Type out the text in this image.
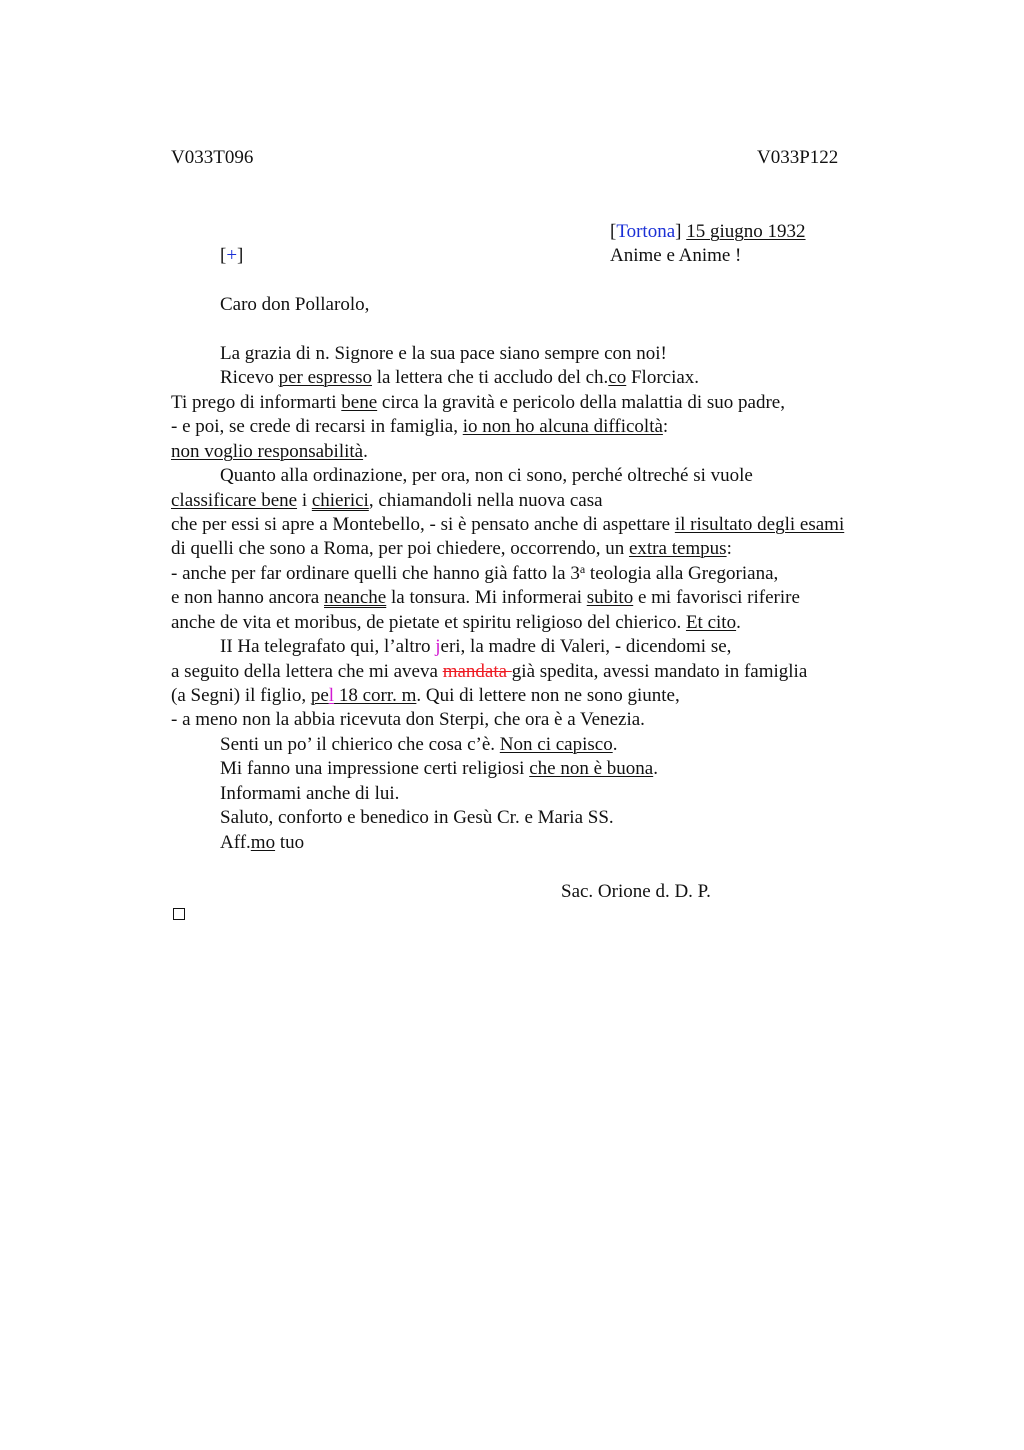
V033T096	V033P122
[Tortona] 15 giugno 1932
[+]	Anime e Anime !
Caro don Pollarolo,
La grazia di n. Signore e la sua pace siano sempre con noi!
Ricevo per espresso la lettera che ti accludo del ch.co Florciax.
Ti prego di informarti bene circa la gravità e pericolo della malattia di suo padre,
- e poi, se crede di recarsi in famiglia, io non ho alcuna difficoltà:
non voglio responsabilità.
Quanto alla ordinazione, per ora, non ci sono, perché oltreché si vuole
classificare bene i chierici, chiamandoli nella nuova casa
che per essi si apre a Montebello, - si è pensato anche di aspettare il risultato degli esami
di quelli che sono a Roma, per poi chiedere, occorrendo, un extra tempus:
- anche per far ordinare quelli che hanno già fatto la 3$^a$ teologia alla Gregoriana,
e non hanno ancora neanche la tonsura. Mi informerai subito e mi favorisci riferire
anche de vita et moribus, de pietate et spiritu religioso del chierico. Et cito.
II Ha telegrafato qui, l’altro jeri, la madre di Valeri, - dicendomi se,
a seguito della lettera che mi aveva mandata già spedita, avessi mandato in famiglia
(a Segni) il figlio, pel 18 corr. m. Qui di lettere non ne sono giunte,
- a meno non la abbia ricevuta don Sterpi, che ora è a Venezia.
Senti un po’ il chierico che cosa c’è. Non ci capisco.
Mi fanno una impressione certi religiosi che non è buona.
Informami anche di lui.
Saluto, conforto e benedico in Gesù Cr. e Maria SS.
Aff.mo tuo
Sac. Orione d. D. P.
